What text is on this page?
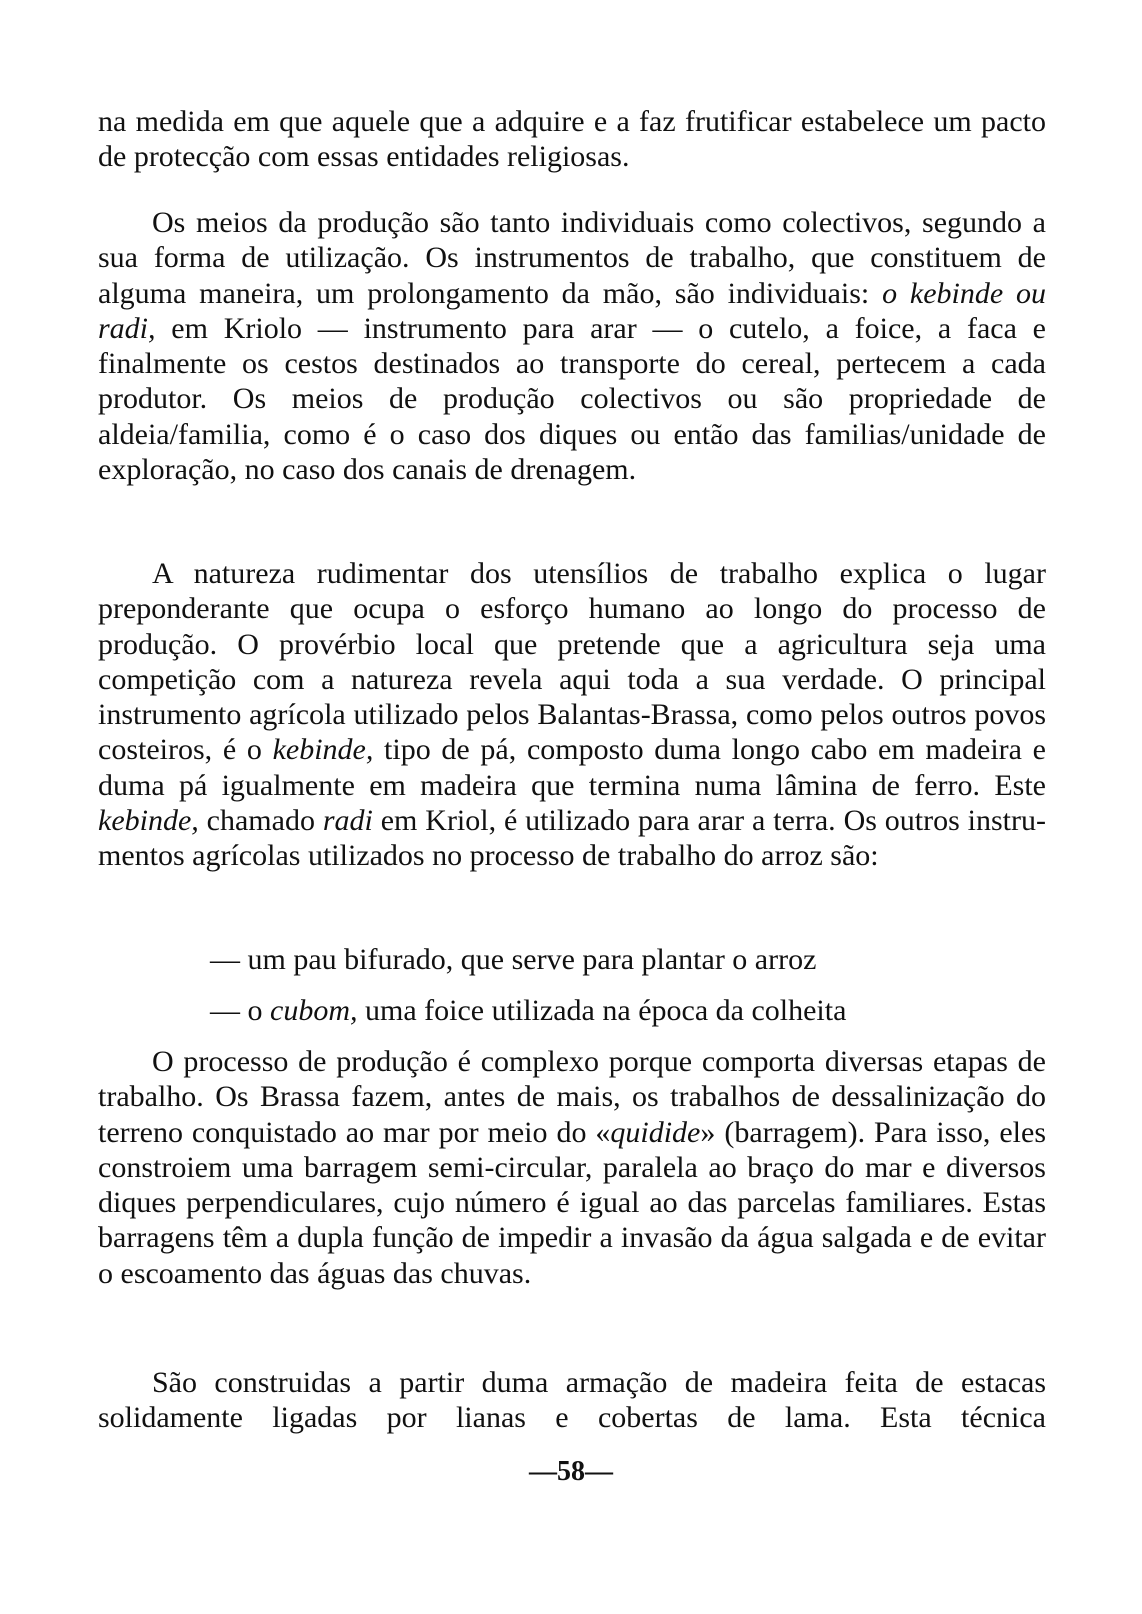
na medida em que aquele que a adquire e a faz frutificar estabelece um pacto de protecção com essas entidades religiosas.

Os meios da produção são tanto individuais como colectivos, segundo a sua forma de utilização. Os instrumentos de trabalho, que constituem de alguma maneira, um prolongamento da mão, são individuais: o kebinde ou radi, em Kriolo — instrumento para arar — o cutelo, a foice, a faca e finalmente os cestos destinados ao transporte do cereal, pertecem a cada produtor. Os meios de produção colectivos ou são propriedade de aldeia/familia, como é o caso dos diques ou então das familias/unidade de exploração, no caso dos canais de drenagem.

A natureza rudimentar dos utensílios de trabalho explica o lugar preponderante que ocupa o esforço humano ao longo do processo de produção. O provérbio local que pretende que a agricultura seja uma competição com a natureza revela aqui toda a sua verdade. O principal instrumento agrícola utilizado pelos Balantas-Brassa, como pelos outros povos costeiros, é o kebinde, tipo de pá, composto duma longo cabo em madeira e duma pá igualmente em madeira que termina numa lâmina de ferro. Este kebinde, chamado radi em Kriol, é utilizado para arar a terra. Os outros instrumentos agrícolas utilizados no processo de trabalho do arroz são:

— um pau bifurado, que serve para plantar o arroz

— o cubom, uma foice utilizada na época da colheita

O processo de produção é complexo porque comporta diversas etapas de trabalho. Os Brassa fazem, antes de mais, os trabalhos de dessalinização do terreno conquistado ao mar por meio do «quidide» (barragem). Para isso, eles constroiem uma barragem semi-circular, paralela ao braço do mar e diversos diques perpendiculares, cujo número é igual ao das parcelas familiares. Estas barragens têm a dupla função de impedir a invasão da água salgada e de evitar o escoamento das águas das chuvas.

São construidas a partir duma armação de madeira feita de estacas solidamente ligadas por lianas e cobertas de lama. Esta técnica

—58—
